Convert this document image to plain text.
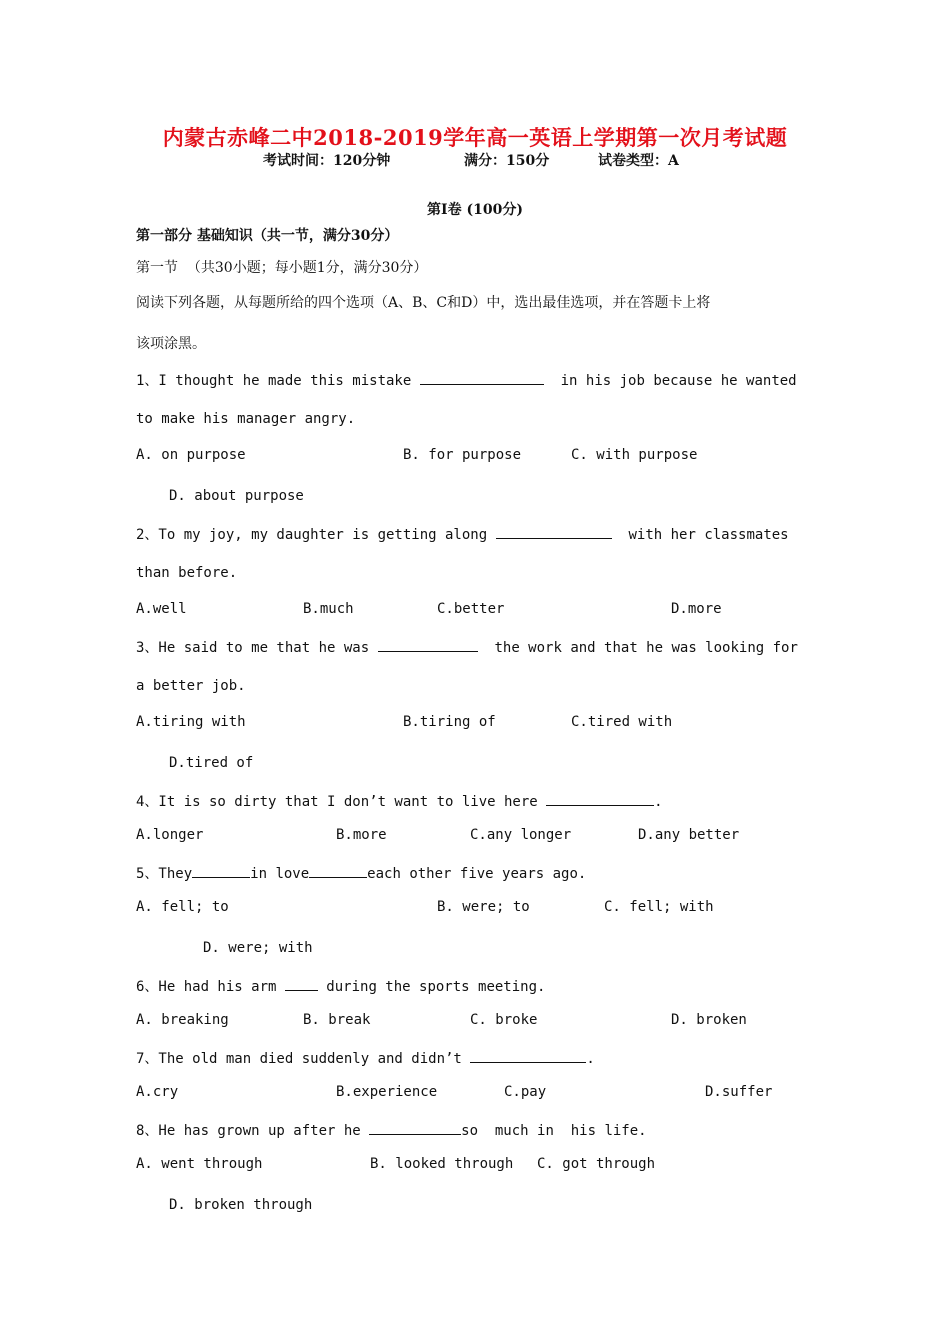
内蒙古赤峰二中2018-2019学年高一英语上学期第一次月考试题
考试时间：120分钟	满分：150分	试卷类型：A
第I卷 (100分)
第一部分 基础知识（共一节，满分30分）
第一节  （共30小题；每小题1分，满分30分）
阅读下列各题，从每题所给的四个选项（A、B、C和D）中，选出最佳选项，并在答题卡上将
该项涂黑。
1、I thought he made this mistake	in his job because he wanted
to make his manager angry.
A. on purpose	B. for purpose	C. with purpose
D. about purpose
2、To my joy, my daughter is getting along	with her classmates
than before.
A.well	B.much	C.better	D.more
3、He said to me that he was	the work and that he was looking for
a better job.
A.tiring with	B.tiring of	C.tired with
D.tired of
4、It is so dirty that I don’t want to live here	.
A.longer	B.more	C.any longer	D.any better
5、They	in love	each other five years ago.
A. fell; to	B. were; to	C. fell; with
D. were; with
6、He had his arm	during the sports meeting.
A. breaking	B. break	C. broke	D. broken
7、The old man died suddenly and didn’t	.
A.cry	B.experience	C.pay	D.suffer
8、He has grown up after he	so  much in  his life.
A. went through	B. looked through C. got through
D. broken through
